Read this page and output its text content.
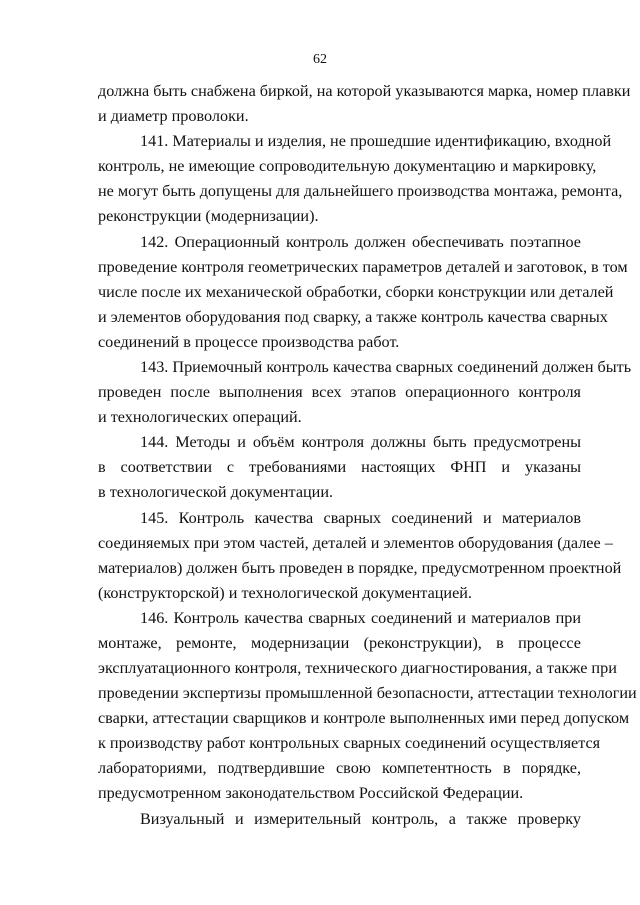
62
должна быть снабжена биркой, на которой указываются марка, номер плавки
и диаметр проволоки.
141. Материалы и изделия, не прошедшие идентификацию, входной
контроль, не имеющие сопроводительную документацию и маркировку,
не могут быть допущены для дальнейшего производства монтажа, ремонта,
реконструкции (модернизации).
142. Операционный контроль должен обеспечивать поэтапное
проведение контроля геометрических параметров деталей и заготовок, в том
числе после их механической обработки, сборки конструкции или деталей
и элементов оборудования под сварку, а также контроль качества сварных
соединений в процессе производства работ.
143. Приемочный контроль качества сварных соединений должен быть
проведен после выполнения всех этапов операционного контроля
и технологических операций.
144. Методы и объём контроля должны быть предусмотрены
в соответствии с требованиями настоящих ФНП и указаны
в технологической документации.
145. Контроль качества сварных соединений и материалов
соединяемых при этом частей, деталей и элементов оборудования (далее –
материалов) должен быть проведен в порядке, предусмотренном проектной
(конструкторской) и технологической документацией.
146. Контроль качества сварных соединений и материалов при
монтаже, ремонте, модернизации (реконструкции), в процессе
эксплуатационного контроля, технического диагностирования, а также при
проведении экспертизы промышленной безопасности, аттестации технологии
сварки, аттестации сварщиков и контроле выполненных ими перед допуском
к производству работ контрольных сварных соединений осуществляется
лабораториями, подтвердившие свою компетентность в порядке,
предусмотренном законодательством Российской Федерации.
Визуальный и измерительный контроль, а также проверку
